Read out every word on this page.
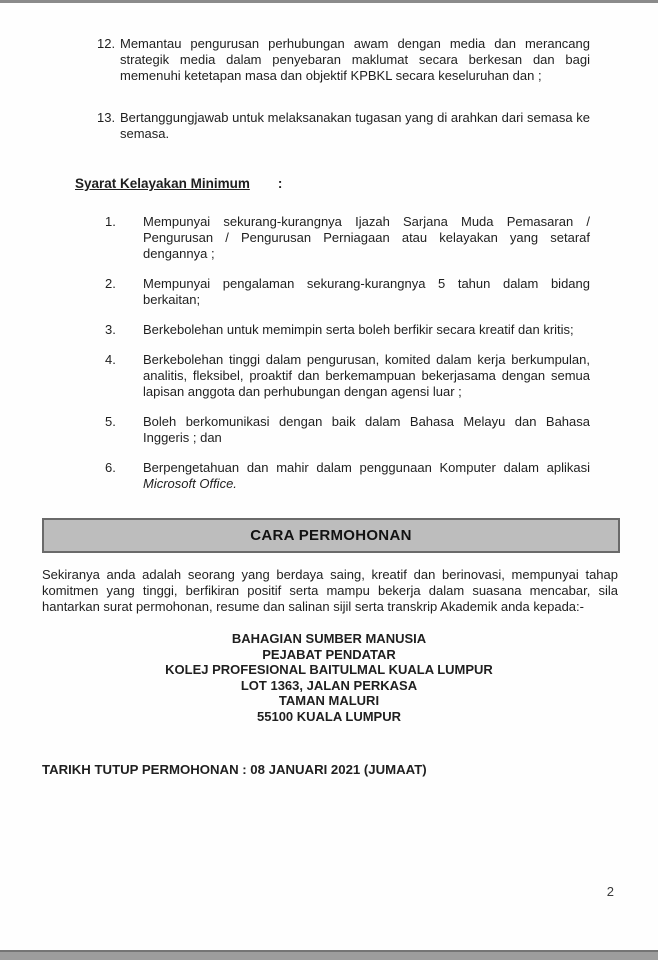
12. Memantau pengurusan perhubungan awam dengan media dan merancang strategik media dalam penyebaran maklumat secara berkesan dan bagi memenuhi ketetapan masa dan objektif KPBKL secara keseluruhan dan ;
13. Bertanggungjawab untuk melaksanakan tugasan yang di arahkan dari semasa ke semasa.
Syarat Kelayakan Minimum :
1.	Mempunyai sekurang-kurangnya Ijazah Sarjana Muda Pemasaran / Pengurusan / Pengurusan Perniagaan atau kelayakan yang setaraf dengannya ;
2.	Mempunyai pengalaman sekurang-kurangnya 5 tahun dalam bidang berkaitan;
3.	Berkebolehan untuk memimpin serta boleh berfikir secara kreatif dan kritis;
4.	Berkebolehan tinggi dalam pengurusan, komited dalam kerja berkumpulan, analitis, fleksibel, proaktif dan berkemampuan bekerjasama dengan semua lapisan anggota dan perhubungan dengan agensi luar ;
5.	Boleh berkomunikasi dengan baik dalam Bahasa Melayu dan Bahasa Inggeris ; dan
6.	Berpengetahuan dan mahir dalam penggunaan Komputer dalam aplikasi Microsoft Office.
CARA PERMOHONAN

Sekiranya anda adalah seorang yang berdaya saing, kreatif dan berinovasi, mempunyai tahap komitmen yang tinggi, berfikiran positif serta mampu bekerja dalam suasana mencabar, sila hantarkan surat permohonan, resume dan salinan sijil serta transkrip Akademik anda kepada:-

BAHAGIAN SUMBER MANUSIA
PEJABAT PENDATAR
KOLEJ PROFESIONAL BAITULMAL KUALA LUMPUR
LOT 1363, JALAN PERKASA
TAMAN MALURI
55100 KUALA LUMPUR

TARIKH TUTUP PERMOHONAN : 08 JANUARI 2021 (JUMAAT)

2
